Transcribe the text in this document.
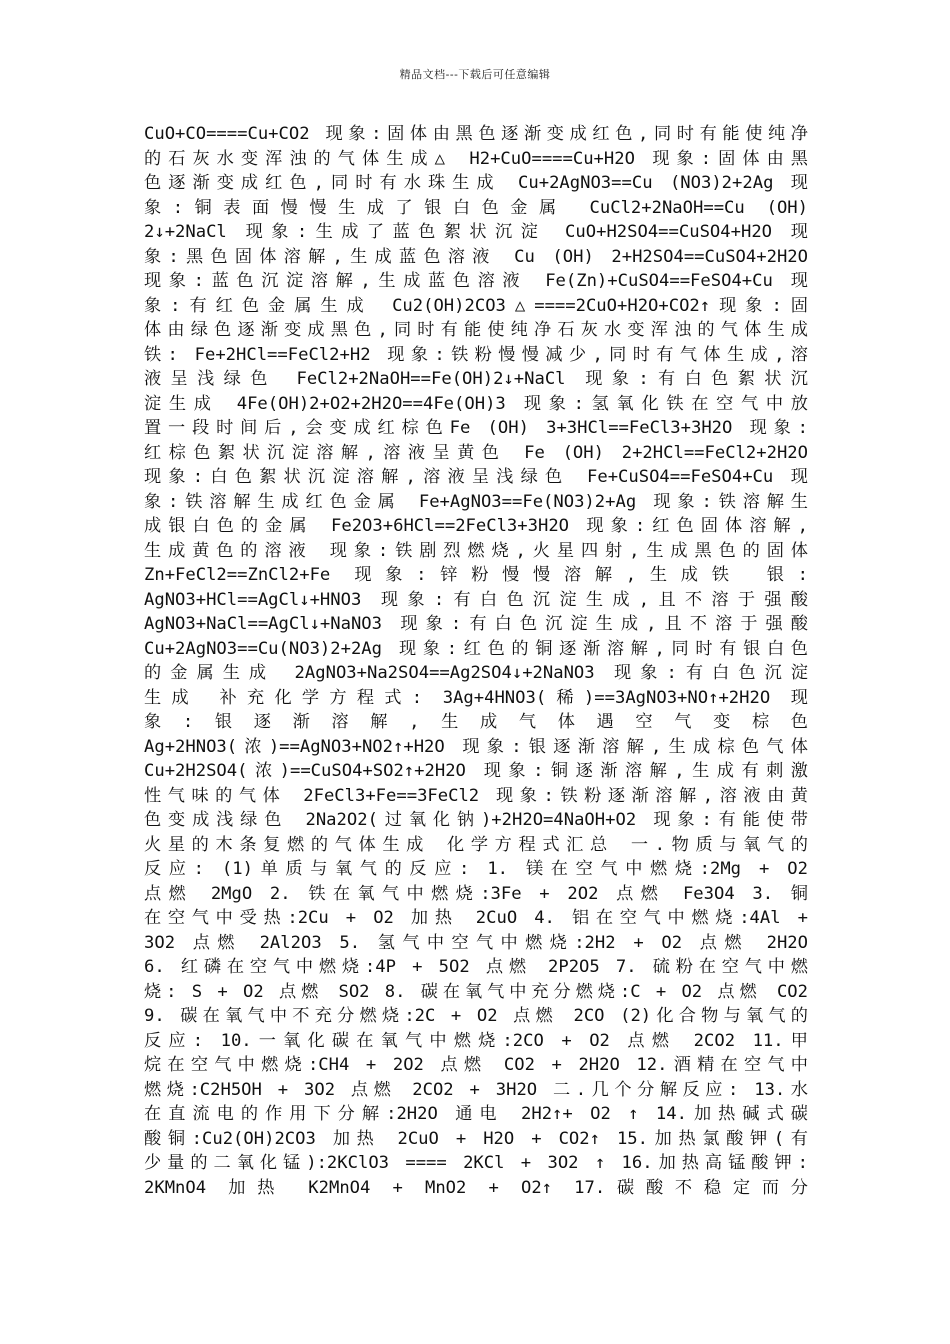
精品文档---下载后可任意编辑
CuO+CO====Cu+CO2 现象:固体由黑色逐渐变成红色,同时有能使纯净
的石灰水变浑浊的气体生成△ H2+CuO====Cu+H2O 现象:固体由黑
色逐渐变成红色,同时有水珠生成 Cu+2AgNO3==Cu (NO3)2+2Ag 现
象:铜表面慢慢生成了银白色金属 CuCl2+2NaOH==Cu (OH)
2↓+2NaCl 现象:生成了蓝色絮状沉淀 CuO+H2SO4==CuSO4+H2O 现
象:黑色固体溶解,生成蓝色溶液 Cu (OH) 2+H2SO4==CuSO4+2H2O
现象:蓝色沉淀溶解,生成蓝色溶液 Fe(Zn)+CuSO4==FeSO4+Cu 现
象:有红色金属生成 Cu2(OH)2CO3△====2CuO+H2O+CO2↑现象:固
体由绿色逐渐变成黑色,同时有能使纯净石灰水变浑浊的气体生成
铁: Fe+2HCl==FeCl2+H2 现象:铁粉慢慢减少,同时有气体生成,溶
液呈浅绿色 FeCl2+2NaOH==Fe(OH)2↓+NaCl 现象:有白色絮状沉
淀生成 4Fe(OH)2+O2+2H2O==4Fe(OH)3 现象:氢氧化铁在空气中放
置一段时间后,会变成红棕色Fe (OH) 3+3HCl==FeCl3+3H2O 现象:
红棕色絮状沉淀溶解,溶液呈黄色 Fe (OH) 2+2HCl==FeCl2+2H2O
现象:白色絮状沉淀溶解,溶液呈浅绿色 Fe+CuSO4==FeSO4+Cu 现
象:铁溶解生成红色金属 Fe+AgNO3==Fe(NO3)2+Ag 现象:铁溶解生
成银白色的金属 Fe2O3+6HCl==2FeCl3+3H2O 现象:红色固体溶解,
生成黄色的溶液 现象:铁剧烈燃烧,火星四射,生成黑色的固体
Zn+FeCl2==ZnCl2+Fe 现象:锌粉慢慢溶解,生成铁 银:
AgNO3+HCl==AgCl↓+HNO3 现象:有白色沉淀生成,且不溶于强酸
AgNO3+NaCl==AgCl↓+NaNO3 现象:有白色沉淀生成,且不溶于强酸
Cu+2AgNO3==Cu(NO3)2+2Ag 现象:红色的铜逐渐溶解,同时有银白色
的金属生成 2AgNO3+Na2SO4==Ag2SO4↓+2NaNO3 现象:有白色沉淀
生成 补充化学方程式: 3Ag+4HNO3(稀)==3AgNO3+NO↑+2H2O 现
象:银逐渐溶解,生成气体遇空气变棕色
Ag+2HNO3(浓)==AgNO3+NO2↑+H2O 现象:银逐渐溶解,生成棕色气体
Cu+2H2SO4(浓)==CuSO4+SO2↑+2H2O 现象:铜逐渐溶解,生成有刺激
性气味的气体 2FeCl3+Fe==3FeCl2 现象:铁粉逐渐溶解,溶液由黄
色变成浅绿色 2Na2O2(过氧化钠)+2H2O=4NaOH+O2 现象:有能使带
火星的木条复燃的气体生成 化学方程式汇总 一.物质与氧气的
反应: (1)单质与氧气的反应: 1. 镁在空气中燃烧:2Mg + O2
点燃 2MgO 2. 铁在氧气中燃烧:3Fe + 2O2 点燃 Fe3O4 3. 铜
在空气中受热:2Cu + O2 加热 2CuO 4. 铝在空气中燃烧:4Al +
3O2 点燃 2Al2O3 5. 氢气中空气中燃烧:2H2 + O2 点燃 2H2O
6. 红磷在空气中燃烧:4P + 5O2 点燃 2P2O5 7. 硫粉在空气中燃
烧: S + O2 点燃 SO2 8. 碳在氧气中充分燃烧:C + O2 点燃 CO2
9. 碳在氧气中不充分燃烧:2C + O2 点燃 2CO (2)化合物与氧气的
反应: 10.一氧化碳在氧气中燃烧:2CO + O2 点燃 2CO2 11.甲
烷在空气中燃烧:CH4 + 2O2 点燃 CO2 + 2H2O 12.酒精在空气中
燃烧:C2H5OH + 3O2 点燃 2CO2 + 3H2O 二.几个分解反应: 13.水
在直流电的作用下分解:2H2O 通电 2H2↑+ O2 ↑ 14.加热碱式碳
酸铜:Cu2(OH)2CO3 加热 2CuO + H2O + CO2↑ 15.加热氯酸钾(有
少量的二氧化锰):2KClO3 ==== 2KCl + 3O2 ↑ 16.加热高锰酸钾:
2KMnO4 加热 K2MnO4 + MnO2 + O2↑ 17.碳酸不稳定而分
